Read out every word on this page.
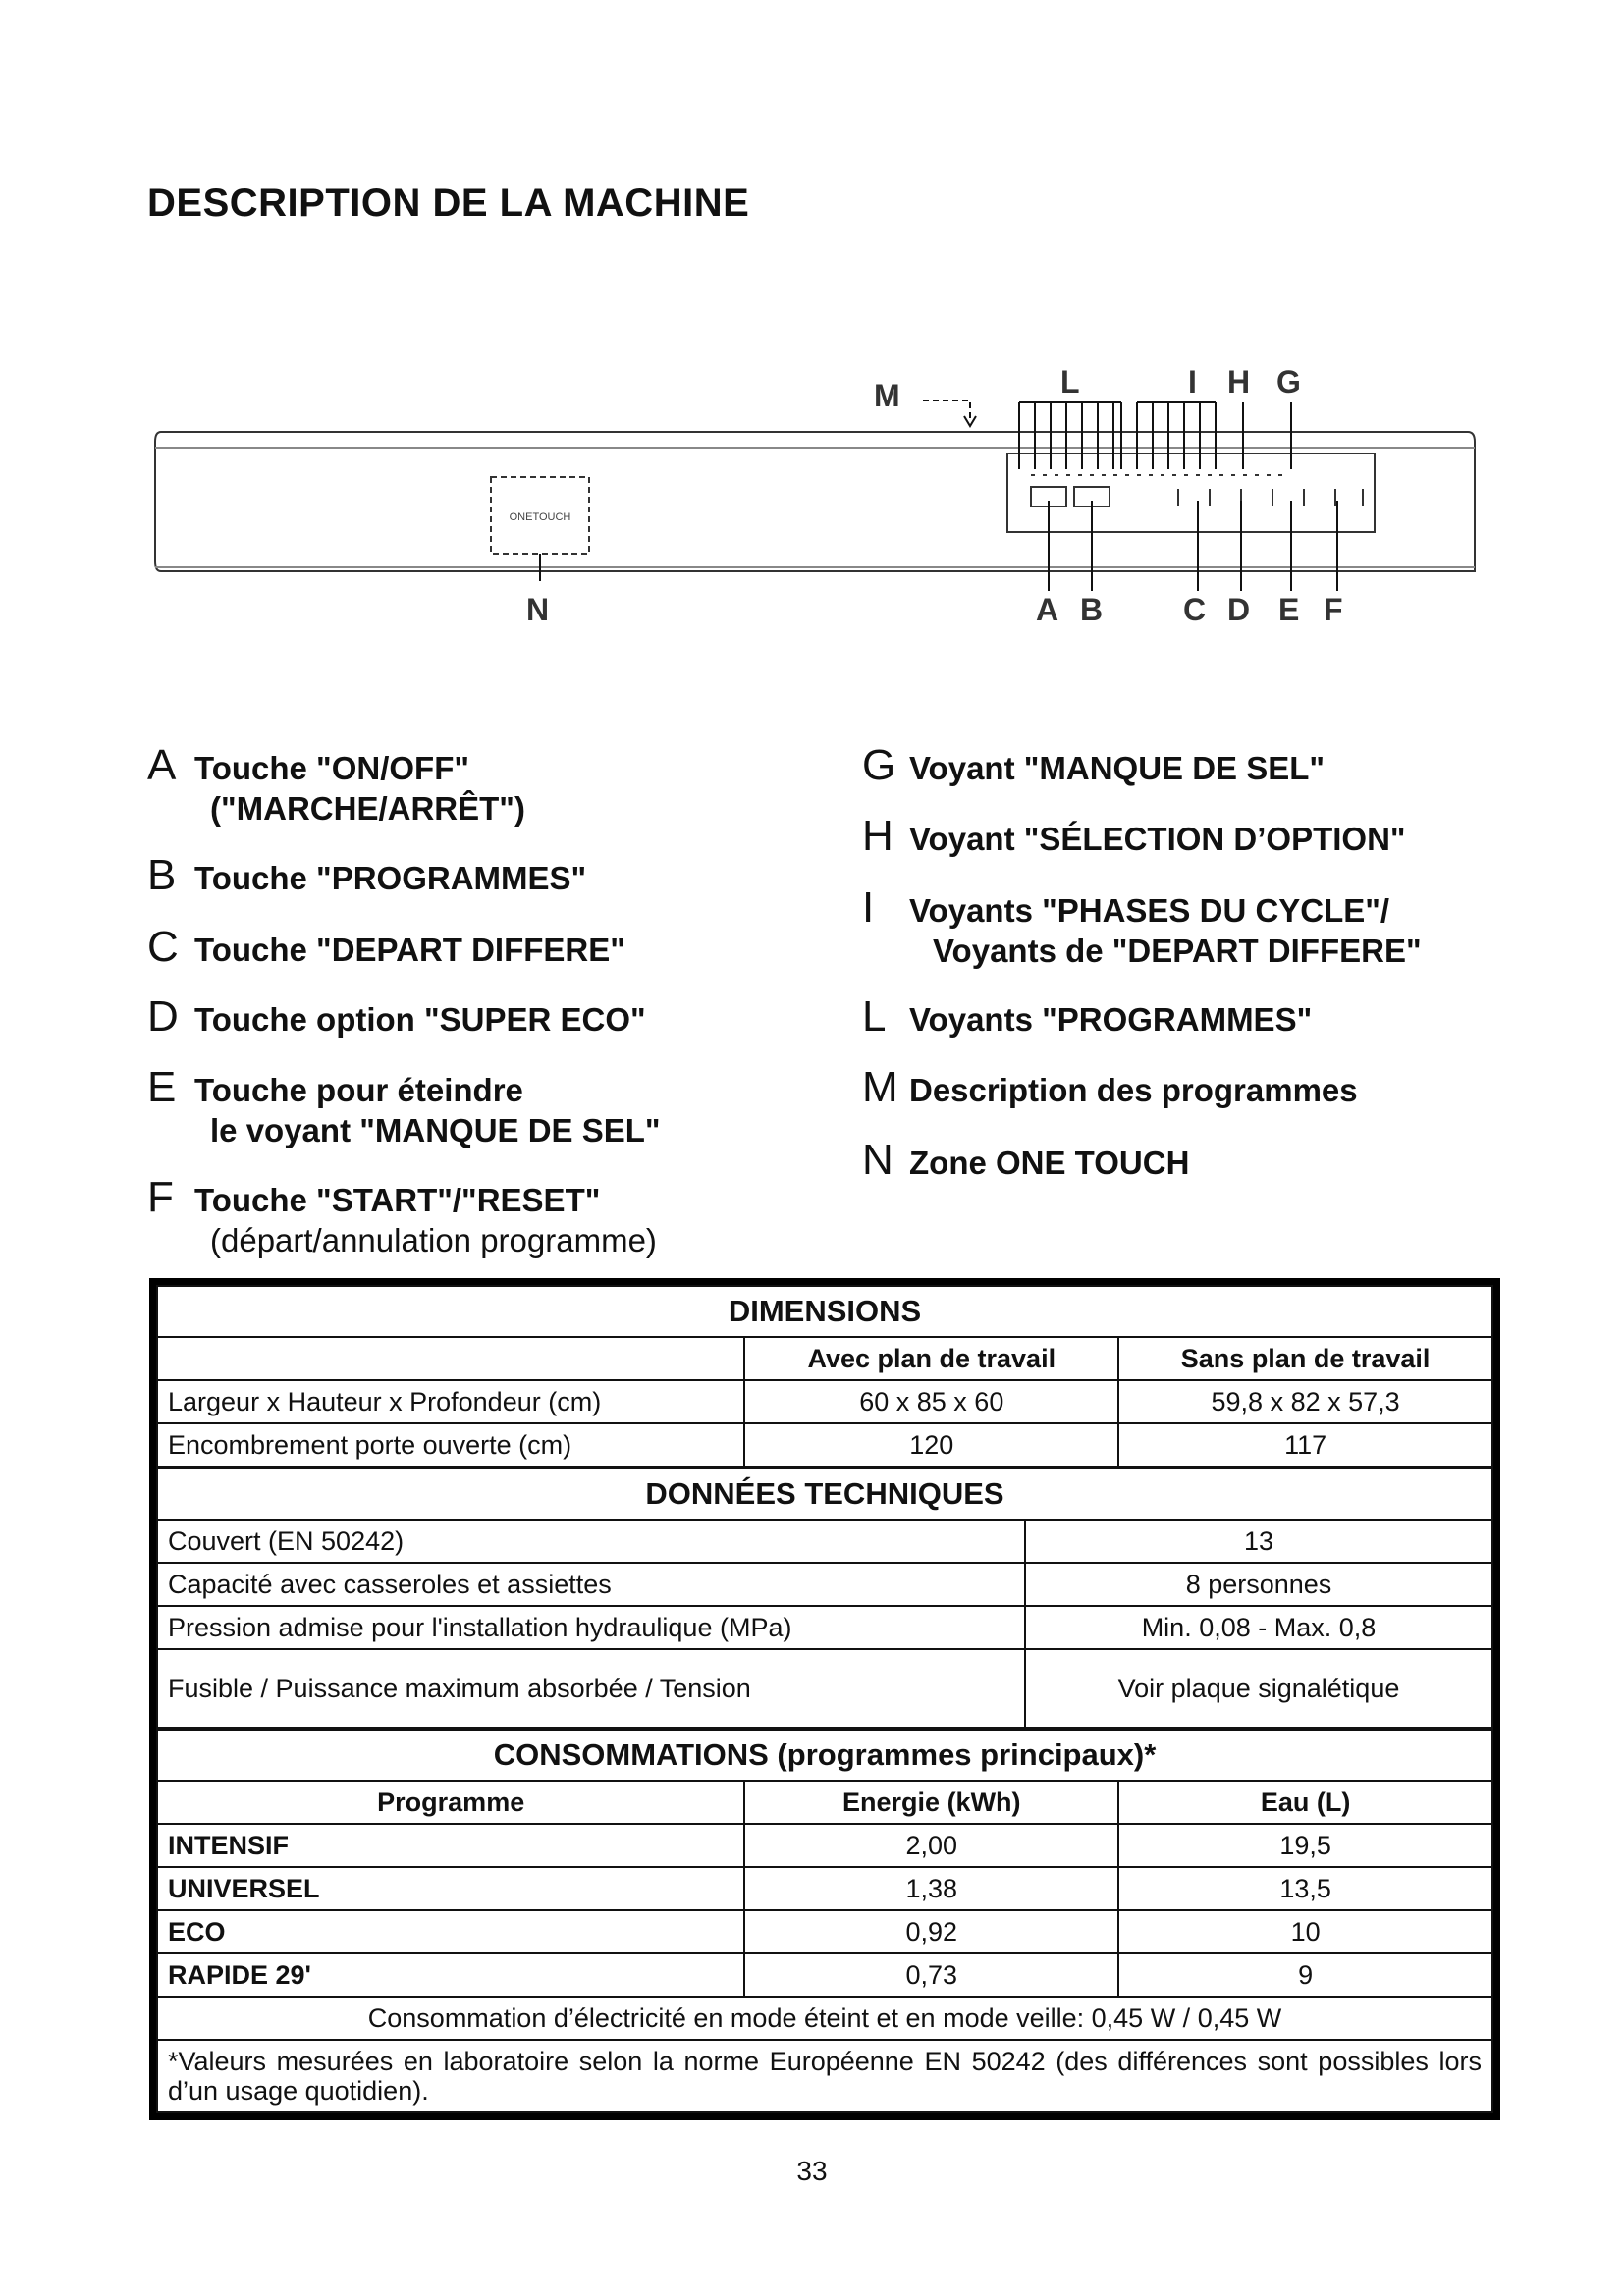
DESCRIPTION DE LA MACHINE
M	L	I H G
N	A B	C D E F
ONETOUCH
A Touche "ON/OFF"
("MARCHE/ARRÊT")
B Touche "PROGRAMMES"
C Touche "DEPART DIFFERE"
D Touche option "SUPER ECO"
E Touche pour éteindre
le voyant "MANQUE DE SEL"
F Touche "START"/"RESET"
(départ/annulation programme)
G Voyant "MANQUE DE SEL"
H Voyant "SÉLECTION D’OPTION"
I Voyants "PHASES DU CYCLE"/
Voyants de "DEPART DIFFERE"
L Voyants "PROGRAMMES"
M Description des programmes
N Zone ONE TOUCH
DIMENSIONS		
	Avec plan de travail	Sans plan de travail
Largeur x Hauteur x Profondeur (cm)	60 x 85 x 60	59,8 x 82 x 57,3
Encombrement porte ouverte (cm)	120	117
DONNÉES TECHNIQUES	
Couvert (EN 50242)	13
Capacité avec casseroles et assiettes	8 personnes
Pression admise pour l'installation hydraulique (MPa)	Min. 0,08 - Max. 0,8
Fusible / Puissance maximum absorbée / Tension	Voir plaque signalétique
CONSOMMATIONS (programmes principaux)*		
Programme	Energie (kWh)	Eau (L)
INTENSIF	2,00	19,5
UNIVERSEL	1,38	13,5
ECO	0,92	10
RAPIDE 29'	0,73	9
Consommation d’électricité en mode éteint et en mode veille: 0,45 W / 0,45 W		
*Valeurs mesurées en laboratoire selon la norme Européenne EN 50242 (des différences sont possibles lors d’un usage quotidien).		
33
